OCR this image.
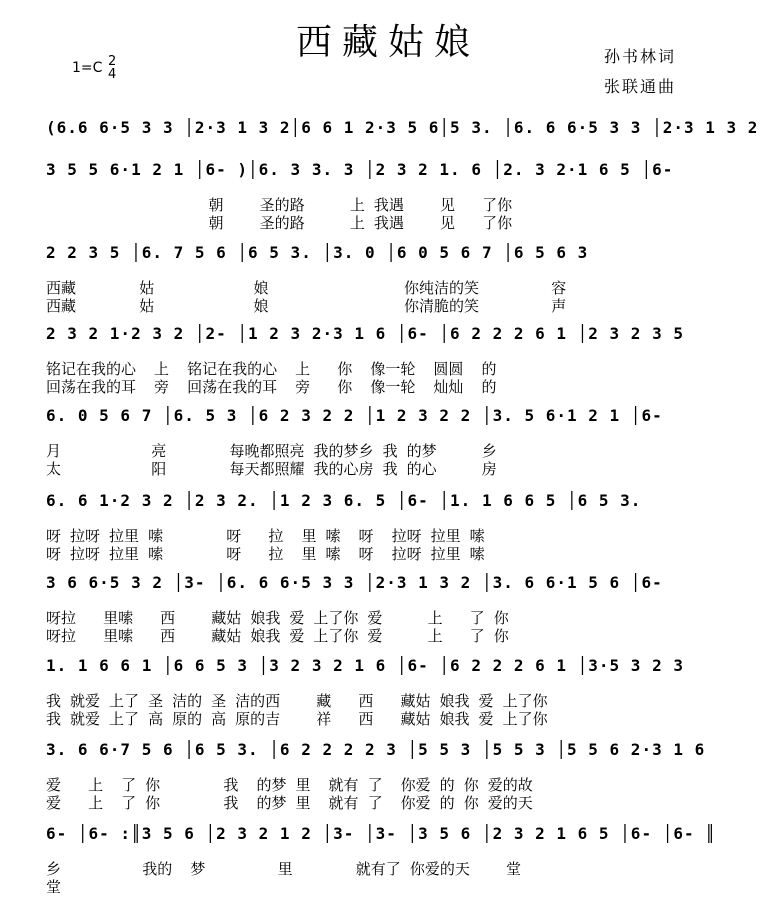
西藏姑娘
1=C 2
4
孙书林词
张联通曲
(6.6 6·5 3 3 │2·3 1 3 2│6 6 1 2·3 5 6│5 3. │6. 6 6·5 3 3 │2·3 1 3 2
3 5 5 6·1 2 1 │6- )│6. 3 3. 3 │2 3 2 1. 6 │2. 3 2·1 6 5 │6-
朝    圣的路     上 我遇    见   了你
朝    圣的路     上 我遇    见   了你
2 2 3 5 │6. 7 5 6 │6 5 3. │3. 0 │6 0 5 6 7 │6 5 6 3
西藏       姑           娘               你纯洁的笑        容
西藏       姑           娘               你清脆的笑        声
2 3 2 1·2 3 2 │2- │1 2 3 2·3 1 6 │6- │6 2 2 2 6 1 │2 3 2 3 5
铭记在我的心  上  铭记在我的心  上   你  像一轮  圆圆  的
回荡在我的耳  旁  回荡在我的耳  旁   你  像一轮  灿灿  的
6. 0 5 6 7 │6. 5 3 │6 2 3 2 2 │1 2 3 2 2 │3. 5 6·1 2 1 │6-
月          亮       每晚都照亮 我的梦乡 我 的梦     乡
太          阳       每天都照耀 我的心房 我 的心     房
6. 6 1·2 3 2 │2 3 2. │1 2 3 6. 5 │6- │1. 1 6 6 5 │6 5 3.
呀 拉呀 拉里 嗦       呀   拉  里 嗦  呀  拉呀 拉里 嗦
呀 拉呀 拉里 嗦       呀   拉  里 嗦  呀  拉呀 拉里 嗦
3 6 6·5 3 2 │3- │6. 6 6·5 3 3 │2·3 1 3 2 │3. 6 6·1 5 6 │6-
呀拉   里嗦   西    藏姑 娘我 爱 上了你 爱     上   了 你
呀拉   里嗦   西    藏姑 娘我 爱 上了你 爱     上   了 你
1. 1 6 6 1 │6 6 5 3 │3 2 3 2 1 6 │6- │6 2 2 2 6 1 │3·5 3 2 3
我 就爱 上了 圣 洁的 圣 洁的西    藏   西   藏姑 娘我 爱 上了你
我 就爱 上了 高 原的 高 原的吉    祥   西   藏姑 娘我 爱 上了你
3. 6 6·7 5 6 │6 5 3. │6 2 2 2 2 3 │5 5 3 │5 5 3 │5 5 6 2·3 1 6
爱   上  了 你       我  的梦 里  就有 了  你爱 的 你 爱的故
爱   上  了 你       我  的梦 里  就有 了  你爱 的 你 爱的天
6- │6- :║3 5 6 │2 3 2 1 2 │3- │3- │3 5 6 │2 3 2 1 6 5 │6- │6- ║
乡         我的  梦        里       就有了 你爱的天    堂
堂
